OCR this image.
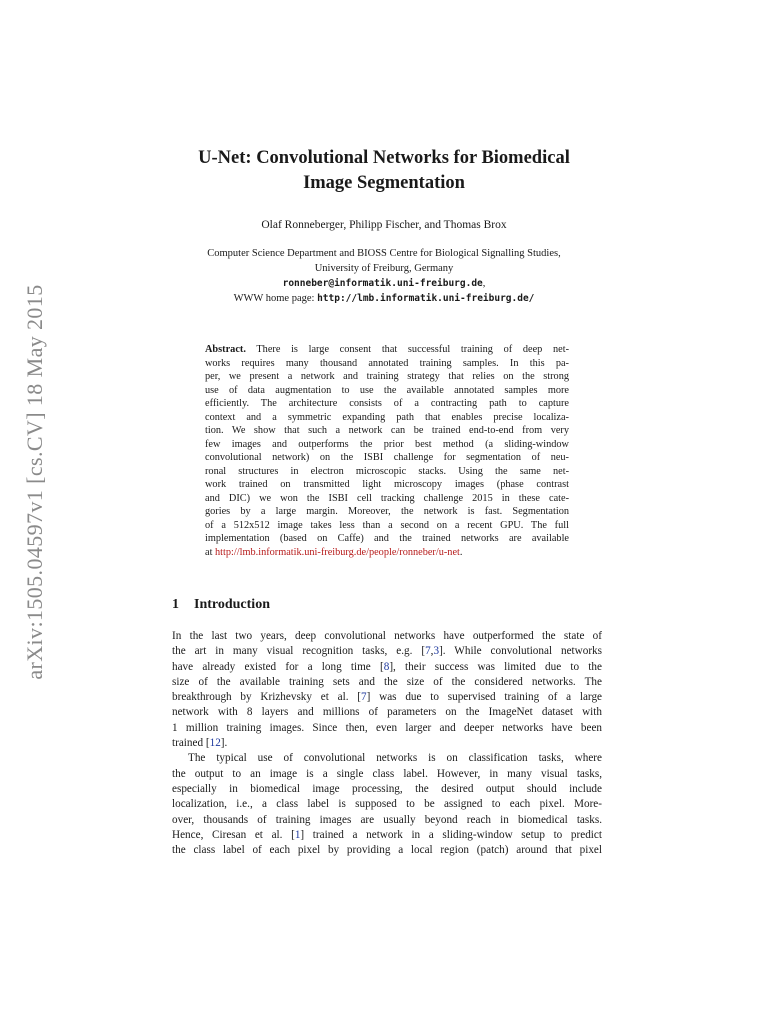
arXiv:1505.04597v1 [cs.CV] 18 May 2015
U-Net: Convolutional Networks for Biomedical
Image Segmentation
Olaf Ronneberger, Philipp Fischer, and Thomas Brox
Computer Science Department and BIOSS Centre for Biological Signalling Studies,
University of Freiburg, Germany
ronneber@informatik.uni-freiburg.de,
WWW home page: http://lmb.informatik.uni-freiburg.de/
Abstract. There is large consent that successful training of deep net-
works requires many thousand annotated training samples. In this pa-
per, we present a network and training strategy that relies on the strong
use of data augmentation to use the available annotated samples more
efficiently. The architecture consists of a contracting path to capture
context and a symmetric expanding path that enables precise localiza-
tion. We show that such a network can be trained end-to-end from very
few images and outperforms the prior best method (a sliding-window
convolutional network) on the ISBI challenge for segmentation of neu-
ronal structures in electron microscopic stacks. Using the same net-
work trained on transmitted light microscopy images (phase contrast
and DIC) we won the ISBI cell tracking challenge 2015 in these cate-
gories by a large margin. Moreover, the network is fast. Segmentation
of a 512x512 image takes less than a second on a recent GPU. The full
implementation (based on Caffe) and the trained networks are available
at http://lmb.informatik.uni-freiburg.de/people/ronneber/u-net.
1 Introduction
In the last two years, deep convolutional networks have outperformed the state of
the art in many visual recognition tasks, e.g. [7,3]. While convolutional networks
have already existed for a long time [8], their success was limited due to the
size of the available training sets and the size of the considered networks. The
breakthrough by Krizhevsky et al. [7] was due to supervised training of a large
network with 8 layers and millions of parameters on the ImageNet dataset with
1 million training images. Since then, even larger and deeper networks have been
trained [12].
The typical use of convolutional networks is on classification tasks, where
the output to an image is a single class label. However, in many visual tasks,
especially in biomedical image processing, the desired output should include
localization, i.e., a class label is supposed to be assigned to each pixel. More-
over, thousands of training images are usually beyond reach in biomedical tasks.
Hence, Ciresan et al. [1] trained a network in a sliding-window setup to predict
the class label of each pixel by providing a local region (patch) around that pixel
